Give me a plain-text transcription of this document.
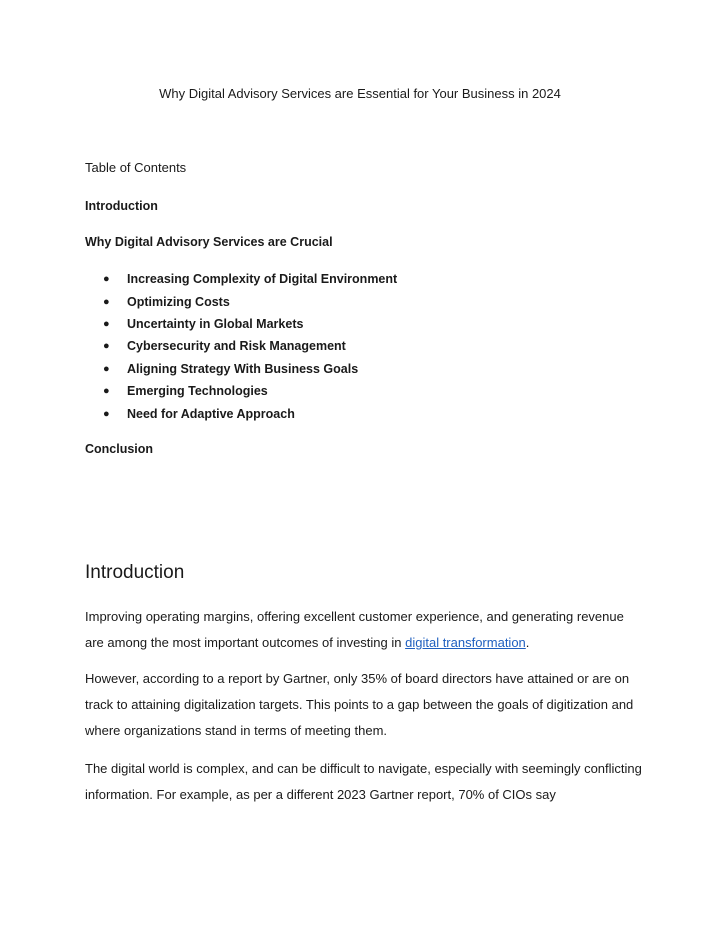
Why Digital Advisory Services are Essential for Your Business in 2024
Table of Contents
Introduction
Why Digital Advisory Services are Crucial
●	Increasing Complexity of Digital Environment
●	Optimizing Costs
●	Uncertainty in Global Markets
●	Cybersecurity and Risk Management
●	Aligning Strategy With Business Goals
●	Emerging Technologies
●	Need for Adaptive Approach
Conclusion
Introduction

Improving operating margins, offering excellent customer experience, and generating revenue are among the most important outcomes of investing in digital transformation.

However, according to a report by Gartner, only 35% of board directors have attained or are on track to attaining digitalization targets. This points to a gap between the goals of digitization and where organizations stand in terms of meeting them.

The digital world is complex, and can be difficult to navigate, especially with seemingly conflicting information. For example, as per a different 2023 Gartner report, 70% of CIOs say
